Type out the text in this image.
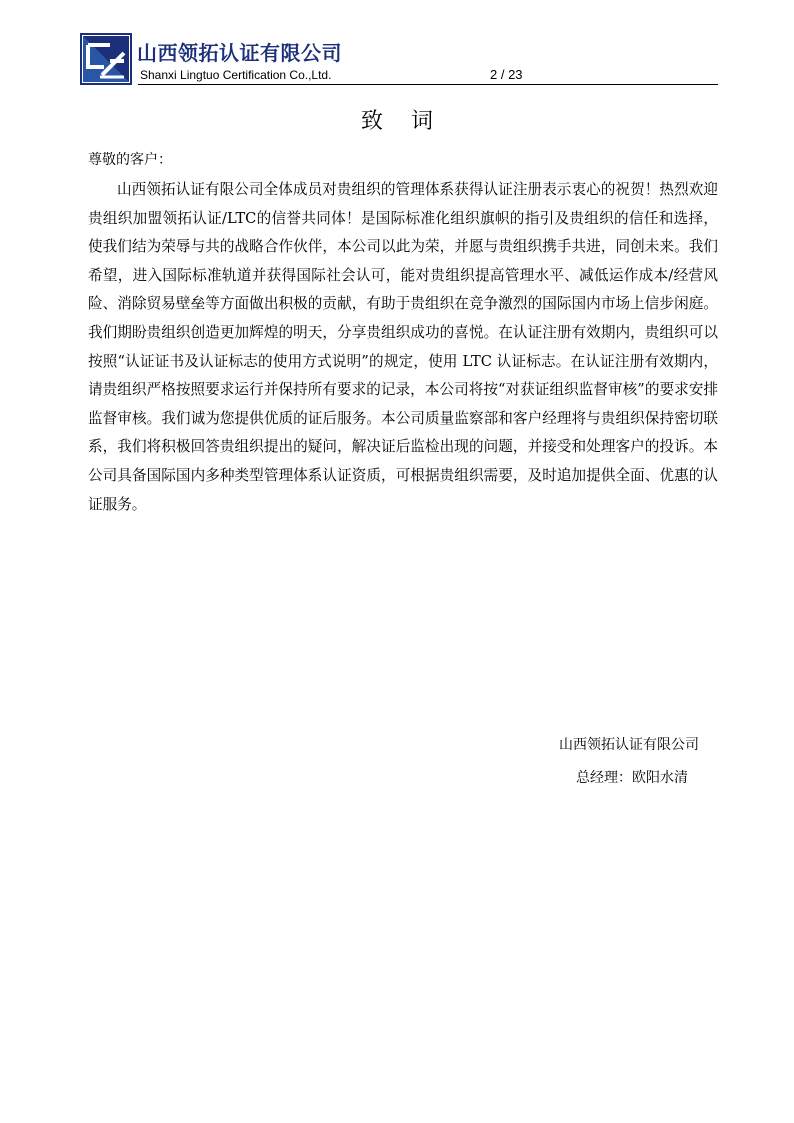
山西领拓认证有限公司
Shanxi Lingtuo Certification Co.,Ltd.	2 / 23
致词
尊敬的客户：

山西领拓认证有限公司全体成员对贵组织的管理体系获得认证注册表示衷心的祝贺！热烈欢迎贵组织加盟领拓认证/LTC的信誉共同体！是国际标准化组织旗帜的指引及贵组织的信任和选择，使我们结为荣辱与共的战略合作伙伴，本公司以此为荣，并愿与贵组织携手共进，同创未来。我们希望，进入国际标准轨道并获得国际社会认可，能对贵组织提高管理水平、减低运作成本/经营风险、消除贸易壁垒等方面做出积极的贡献，有助于贵组织在竞争激烈的国际国内市场上信步闲庭。我们期盼贵组织创造更加辉煌的明天，分享贵组织成功的喜悦。在认证注册有效期内，贵组织可以按照“认证证书及认证标志的使用方式说明”的规定，使用 LTC 认证标志。在认证注册有效期内，请贵组织严格按照要求运行并保持所有要求的记录，本公司将按“对获证组织监督审核”的要求安排监督审核。我们诚为您提供优质的证后服务。本公司质量监察部和客户经理将与贵组织保持密切联系，我们将积极回答贵组织提出的疑问，解决证后监检出现的问题，并接受和处理客户的投诉。本公司具备国际国内多种类型管理体系认证资质，可根据贵组织需要，及时追加提供全面、优惠的认证服务。

山西领拓认证有限公司
总经理：欧阳水清
